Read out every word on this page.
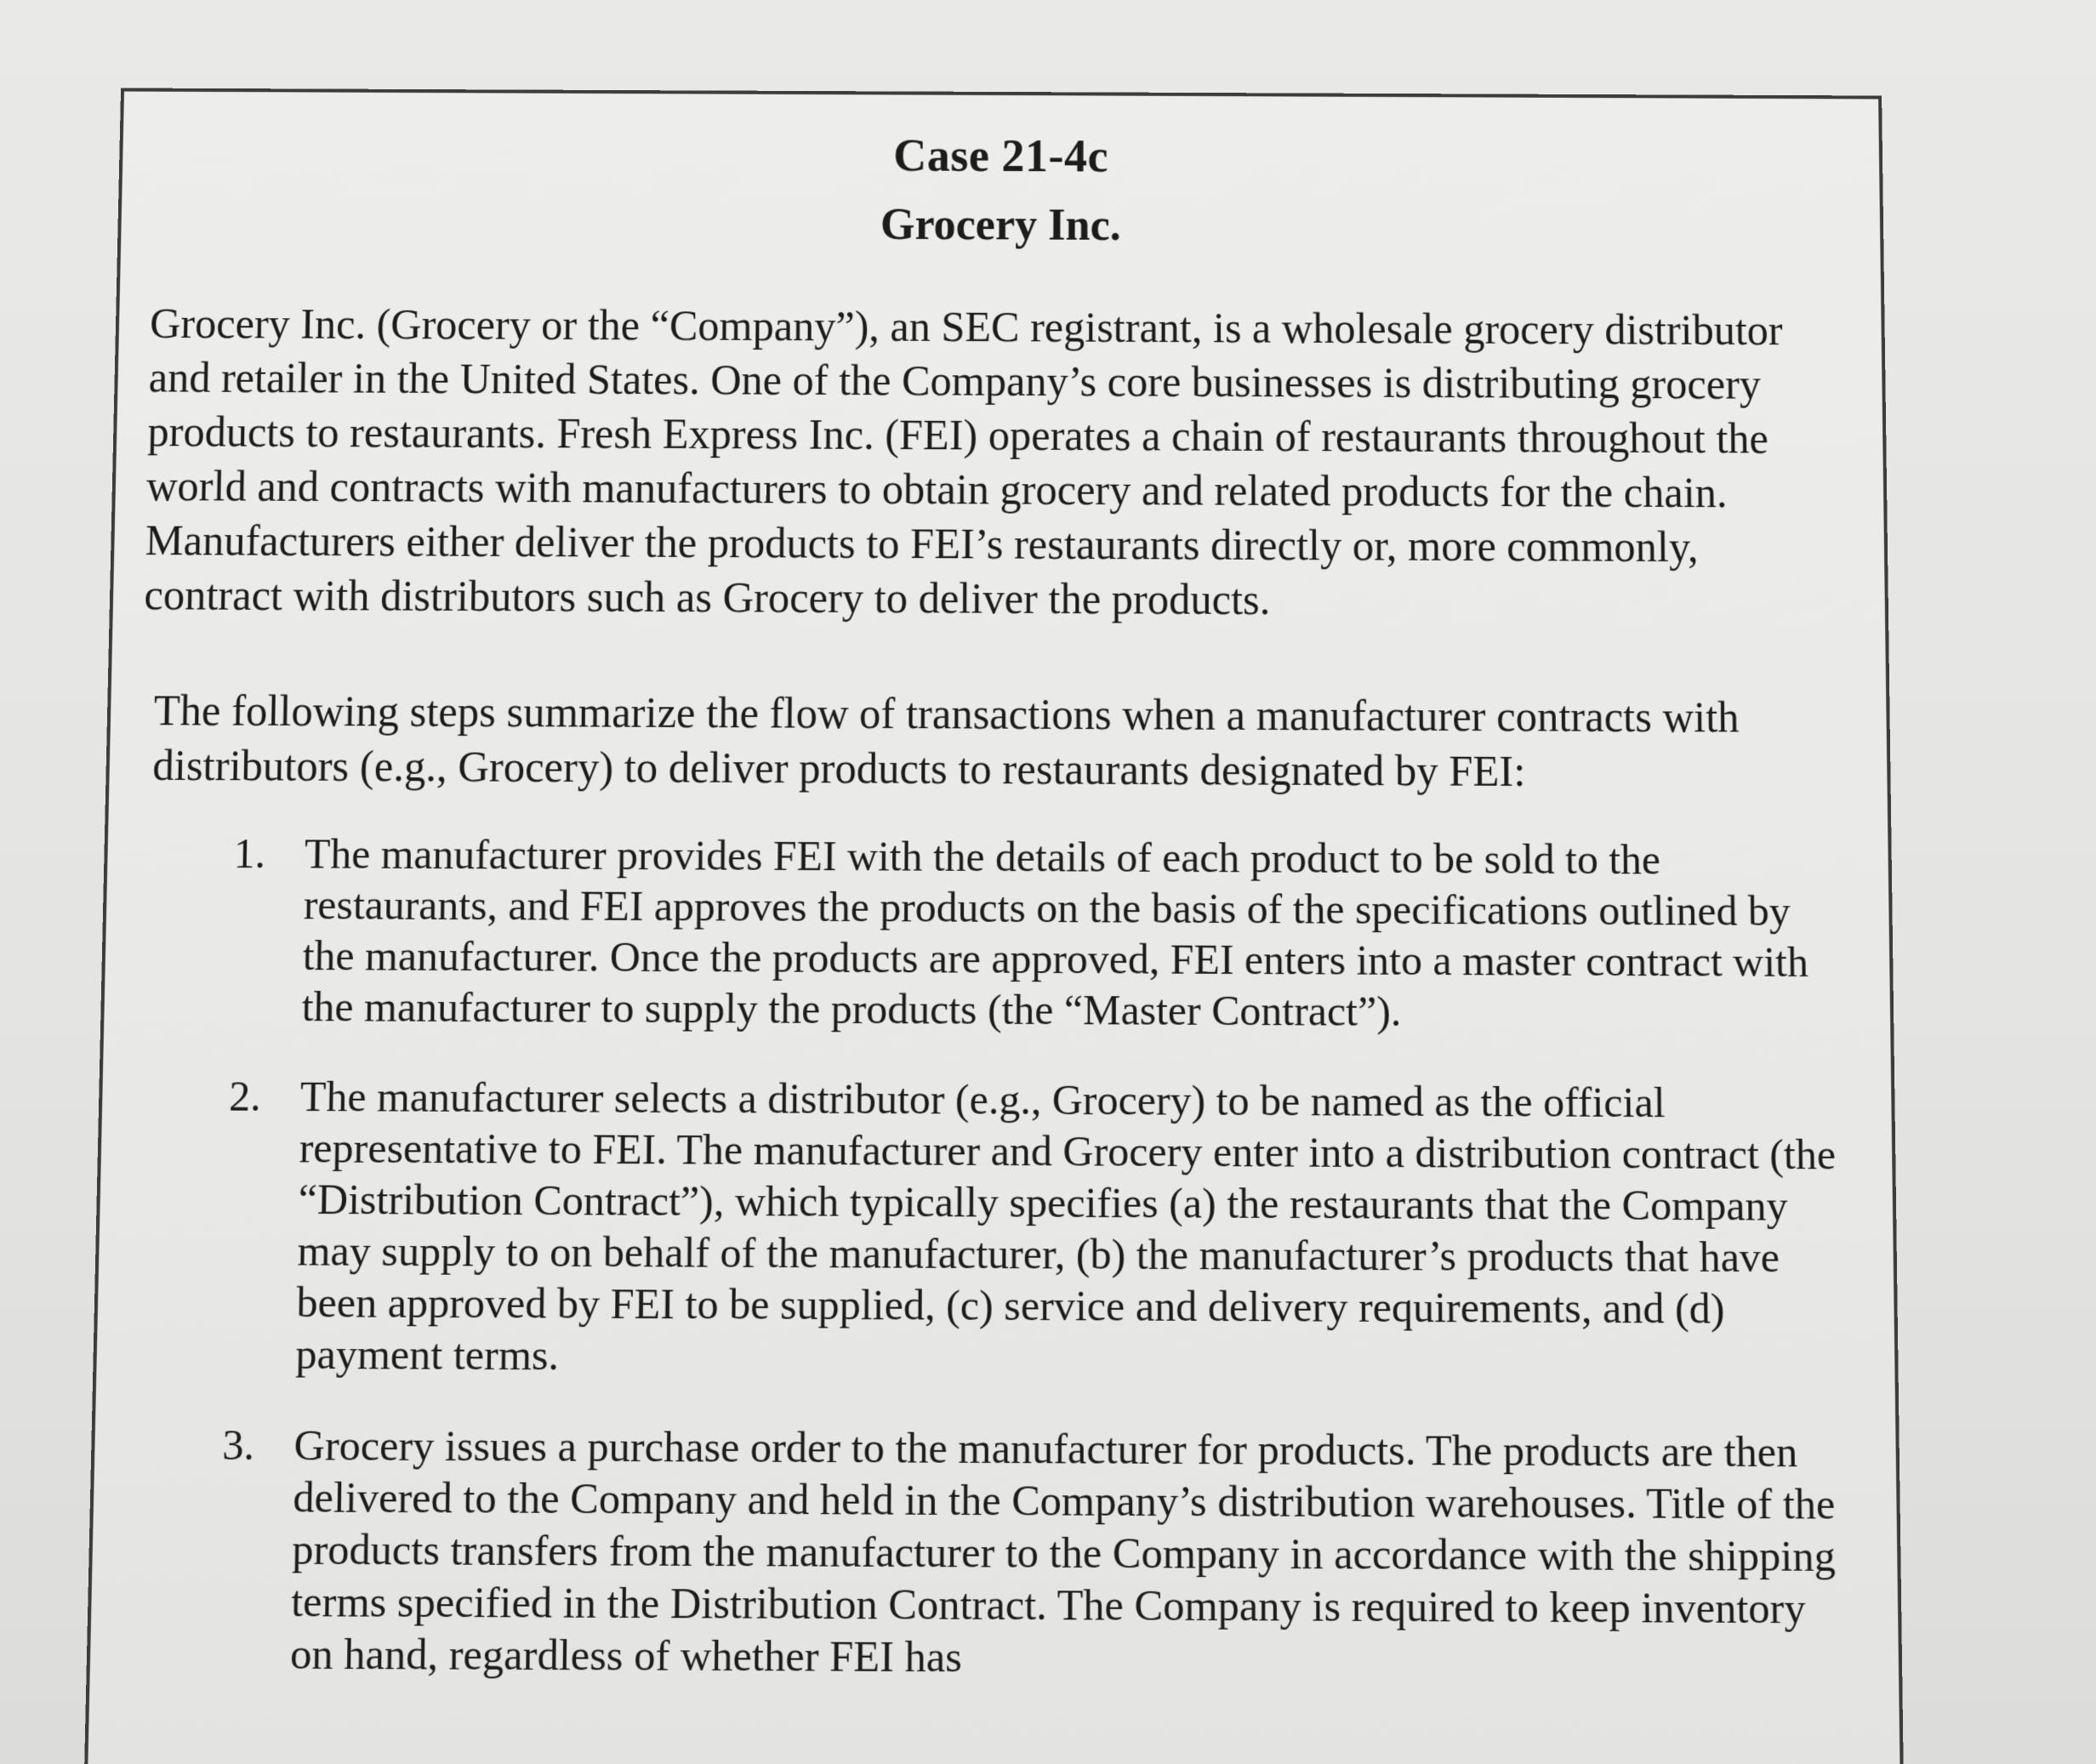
Case 21-4c
Grocery Inc.

Grocery Inc. (Grocery or the “Company”), an SEC registrant, is a wholesale grocery distributor and retailer in the United States. One of the Company’s core businesses is distributing grocery products to restaurants. Fresh Express Inc. (FEI) operates a chain of restaurants throughout the world and contracts with manufacturers to obtain grocery and related products for the chain. Manufacturers either deliver the products to FEI’s restaurants directly or, more commonly, contract with distributors such as Grocery to deliver the products.

The following steps summarize the flow of transactions when a manufacturer contracts with distributors (e.g., Grocery) to deliver products to restaurants designated by FEI:

1. The manufacturer provides FEI with the details of each product to be sold to the restaurants, and FEI approves the products on the basis of the specifications outlined by the manufacturer. Once the products are approved, FEI enters into a master contract with the manufacturer to supply the products (the “Master Contract”).
2. The manufacturer selects a distributor (e.g., Grocery) to be named as the official representative to FEI. The manufacturer and Grocery enter into a distribution contract (the “Distribution Contract”), which typically specifies (a) the restaurants that the Company may supply to on behalf of the manufacturer, (b) the manufacturer’s products that have been approved by FEI to be supplied, (c) service and delivery requirements, and (d) payment terms.
3. Grocery issues a purchase order to the manufacturer for products. The products are then delivered to the Company and held in the Company’s distribution warehouses. Title of the products transfers from the manufacturer to the Company in accordance with the shipping terms specified in the Distribution Contract. The Company is required to keep inventory on hand, regardless of whether FEI has
